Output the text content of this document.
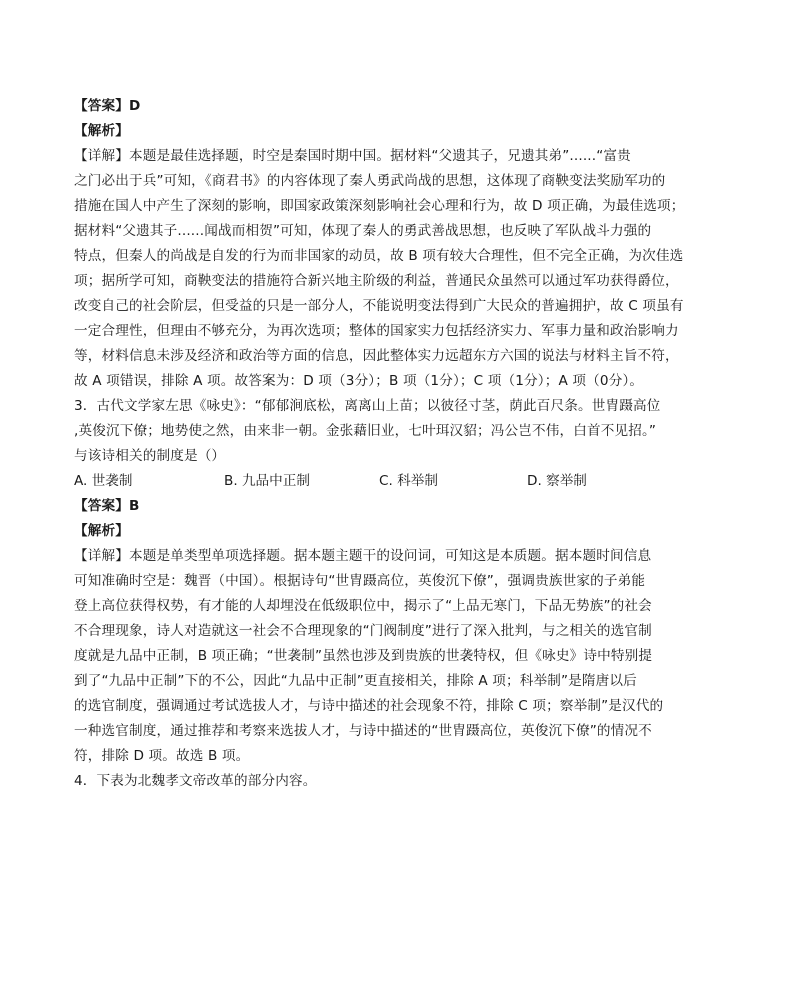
【答案】D
【解析】
【详解】本题是最佳选择题，时空是秦国时期中国。据材料“父遗其子，兄遗其弟”......“富贵
之门必出于兵”可知，《商君书》的内容体现了秦人勇武尚战的思想，这体现了商鞅变法奖励军功的
措施在国人中产生了深刻的影响，即国家政策深刻影响社会心理和行为，故 D 项正确，为最佳选项；
据材料“父遗其子......闻战而相贺”可知，体现了秦人的勇武善战思想，也反映了军队战斗力强的
特点，但秦人的尚战是自发的行为而非国家的动员，故 B 项有较大合理性，但不完全正确，为次佳选
项；据所学可知，商鞅变法的措施符合新兴地主阶级的利益，普通民众虽然可以通过军功获得爵位，
改变自己的社会阶层，但受益的只是一部分人，不能说明变法得到广大民众的普遍拥护，故 C 项虽有
一定合理性，但理由不够充分，为再次选项；整体的国家实力包括经济实力、军事力量和政治影响力
等，材料信息未涉及经济和政治等方面的信息，因此整体实力远超东方六国的说法与材料主旨不符，
故 A 项错误，排除 A 项。故答案为：D 项（3分）；B 项（1分）；C 项（1分）；A 项（0分）。
3．古代文学家左思《咏史》：“郁郁涧底松，离离山上苗；以彼径寸茎，荫此百尺条。世胄蹑高位
,英俊沉下僚；地势使之然，由来非一朝。金张藉旧业，七叶珥汉貂；冯公岂不伟，白首不见招。”
与该诗相关的制度是（）
A. 世袭制	B. 九品中正制	C. 科举制	D. 察举制
【答案】B
【解析】
【详解】本题是单类型单项选择题。据本题主题干的设问词，可知这是本质题。据本题时间信息
可知准确时空是：魏晋（中国）。根据诗句“世胄蹑高位，英俊沉下僚”，强调贵族世家的子弟能
登上高位获得权势，有才能的人却埋没在低级职位中，揭示了“上品无寒门，下品无势族”的社会
不合理现象，诗人对造就这一社会不合理现象的“门阀制度”进行了深入批判，与之相关的选官制
度就是九品中正制，B 项正确；“世袭制”虽然也涉及到贵族的世袭特权，但《咏史》诗中特别提
到了“九品中正制”下的不公，因此“九品中正制”更直接相关，排除 A 项；科举制”是隋唐以后
的选官制度，强调通过考试选拔人才，与诗中描述的社会现象不符，排除 C 项；察举制”是汉代的
一种选官制度，通过推荐和考察来选拔人才，与诗中描述的“世胄蹑高位，英俊沉下僚”的情况不
符，排除 D 项。故选 B 项。
4．下表为北魏孝文帝改革的部分内容。
